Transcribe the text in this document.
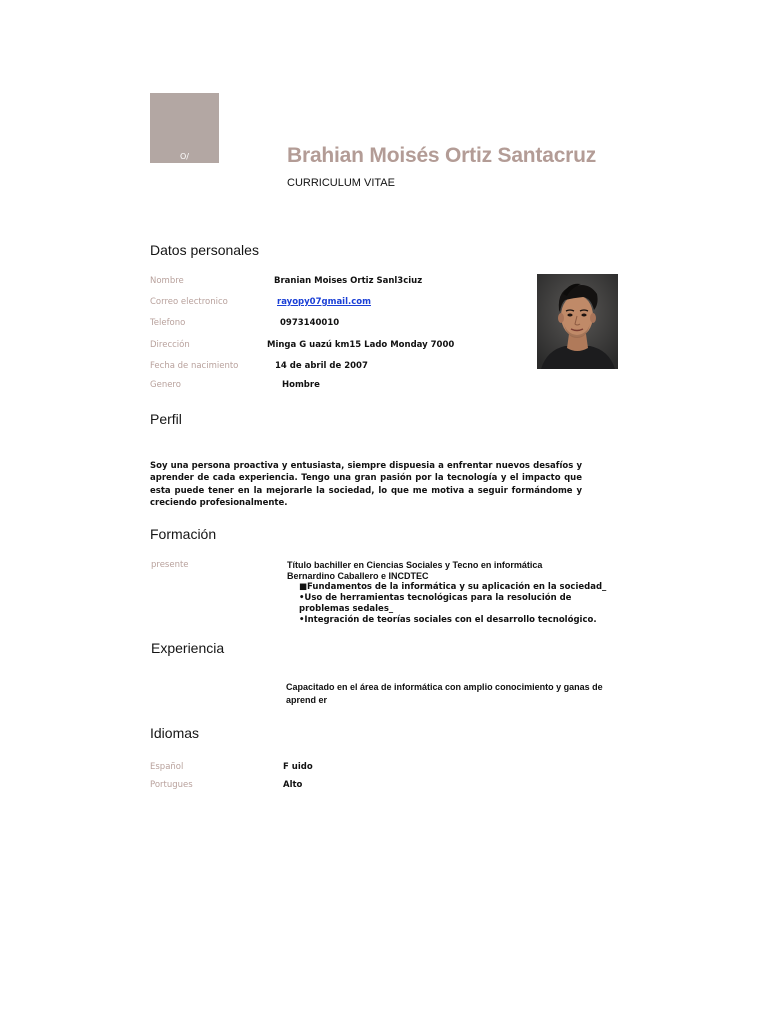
O/	Brahian Moisés Ortiz Santacruz
CURRICULUM VITAE
Datos personales
Nombre	Branian Moises Ortiz Sanl3ciuz
Correo electronico	rayopy07gmail.com
Telefono	0973140010
Dirección	Minga G uazú km15 Lado Monday 7000
Fecha de nacimiento	14 de abril de 2007
Genero	Hombre
Perfil
Soy una persona proactiva y entusiasta, siempre dispuesia a enfrentar nuevos desafíos y aprender de cada experiencia. Tengo una gran pasión por la tecnología y el impacto que esta puede tener en la mejorarle la sociedad, lo que me motiva a seguir formándome y creciendo profesionalmente.
Formación
presente	Título bachiller en Ciencias Sociales y Tecno en informática
Bernardino Caballero e INCDTEC
■Fundamentos de la informática y su aplicación en la sociedad_
•Uso de herramientas tecnológicas para la resolución de problemas sedales_
•Integración de teorías sociales con el desarrollo tecnológico.
Experiencia
Capacitado en el área de informática con amplio conocimiento y ganas de aprend er
Idiomas
Español	F uido
Portugues	Alto
